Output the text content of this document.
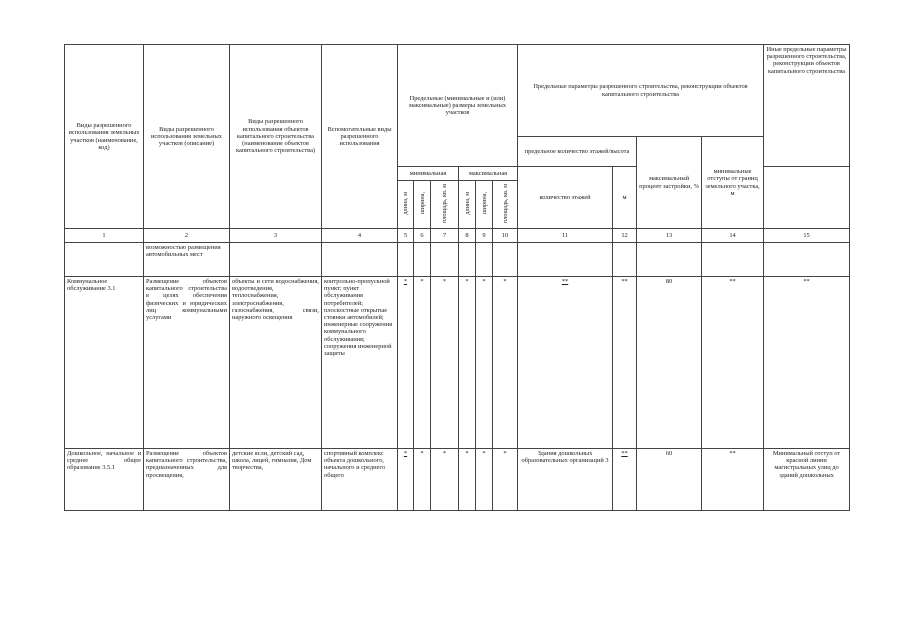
Виды разрешенного использования земельных участков (наименование, код)	Виды разрешенного использования земельных участков (описание)	Виды разрешенного использования объектов капитального строительства (наименование объектов капитального строительства)	Вспомогательные виды разрешенного использования	Предельные (минимальные и (или) максимальные) размеры земельных участков						Предельные параметры разрешенного строительства, реконструкции объектов капитального строительства				Иные предельные параметры разрешенного строительства, реконструкции объектов капитального строительства
										предельное количество этажей/высота		максимальный процент застройки, %	минимальные отступы от границ земельного участка, м	
				минимальная			максимальная			количество этажей	м			
				длина, м	ширина,	площадь, кв. м	длина, м	ширина,	площадь, кв. м					
1	2	3	4	5	6	7	8	9	10	11	12	13	14	15
	возможностью размещения автомобильных мест													
Коммунальное обслуживание 3.1	Размещение объектов капитального строительства в целях обеспечения физических и юридических лиц коммунальными услугами	объекты и сети водоснабжения, водоотведения, теплоснабжения, электроснабжения, газоснабжения, связи, наружного освещения	контрольно-пропускной пункт; пункт обслуживания потребителей; плоскостные открытые стоянки автомобилей; инженерные сооружения коммунального обслуживания; сооружения инженерной защиты	*	*	*	*	*	*	**	**	80	**	**
Дошкольное, начальное и среднее общее образование 3.5.1	Размещение объектов капитального строительства, предназначенных для просвещения,	детские ясли, детский сад, школа, лицей, гимназия, Дом творчества,	спортивный комплекс объекта дошкольного, начального и среднего общего	*	*	*	*	*	*	Здания дошкольных образовательных организаций 3	**	60	**	Минимальный отступ от красной линии магистральных улиц до зданий дошкольных
